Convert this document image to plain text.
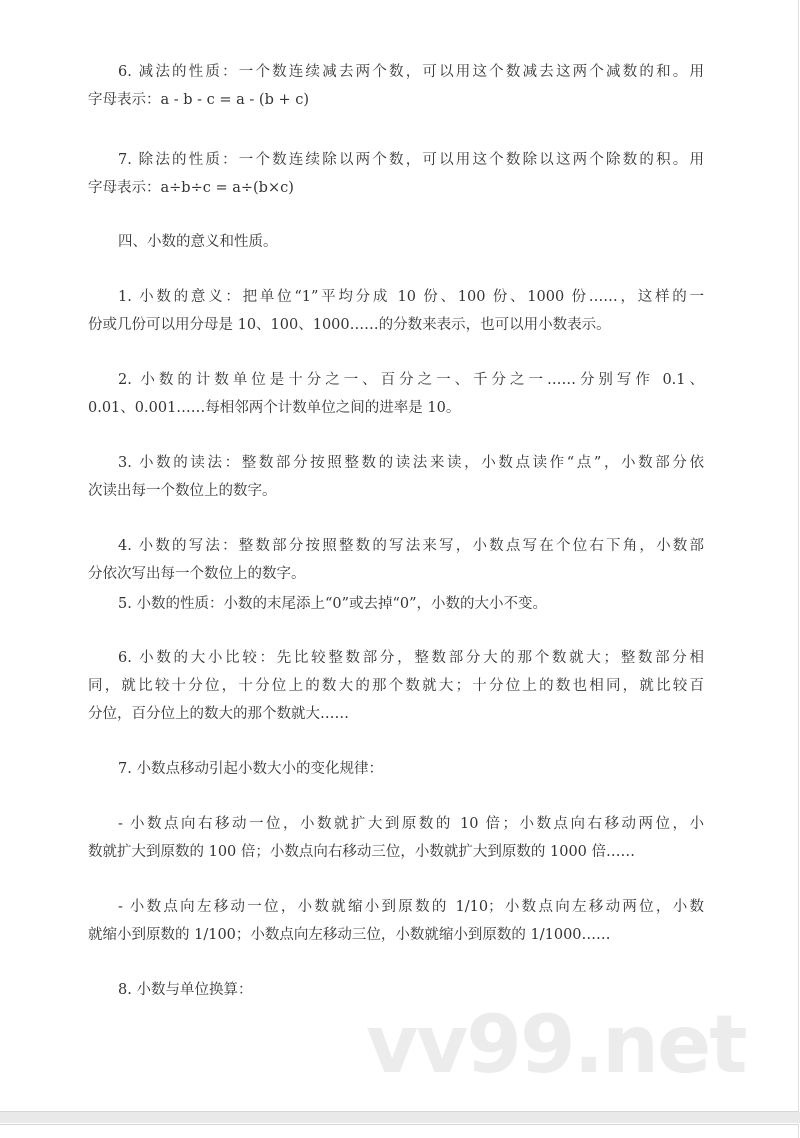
6. 减法的性质：一个数连续减去两个数，可以用这个数减去这两个减数的和。用
字母表示：a - b - c = a - (b + c)
7. 除法的性质：一个数连续除以两个数，可以用这个数除以这两个除数的积。用
字母表示：a÷b÷c = a÷(b×c)
四、小数的意义和性质。
1. 小数的意义：把单位“1”平均分成 10 份、100 份、1000 份……，这样的一
份或几份可以用分母是 10、100、1000……的分数来表示，也可以用小数表示。
2. 小数的计数单位是十分之一、百分之一、千分之一……分别写作 0.1、
0.01、0.001……每相邻两个计数单位之间的进率是 10。
3. 小数的读法：整数部分按照整数的读法来读，小数点读作“点”，小数部分依
次读出每一个数位上的数字。
4. 小数的写法：整数部分按照整数的写法来写，小数点写在个位右下角，小数部
分依次写出每一个数位上的数字。
5. 小数的性质：小数的末尾添上“0”或去掉“0”，小数的大小不变。
6. 小数的大小比较：先比较整数部分，整数部分大的那个数就大；整数部分相
同，就比较十分位，十分位上的数大的那个数就大；十分位上的数也相同，就比较百
分位，百分位上的数大的那个数就大……
7. 小数点移动引起小数大小的变化规律：
- 小数点向右移动一位，小数就扩大到原数的 10 倍；小数点向右移动两位，小
数就扩大到原数的 100 倍；小数点向右移动三位，小数就扩大到原数的 1000 倍……
- 小数点向左移动一位，小数就缩小到原数的 1/10；小数点向左移动两位，小数
就缩小到原数的 1/100；小数点向左移动三位，小数就缩小到原数的 1/1000……
8. 小数与单位换算：
vv99.net
